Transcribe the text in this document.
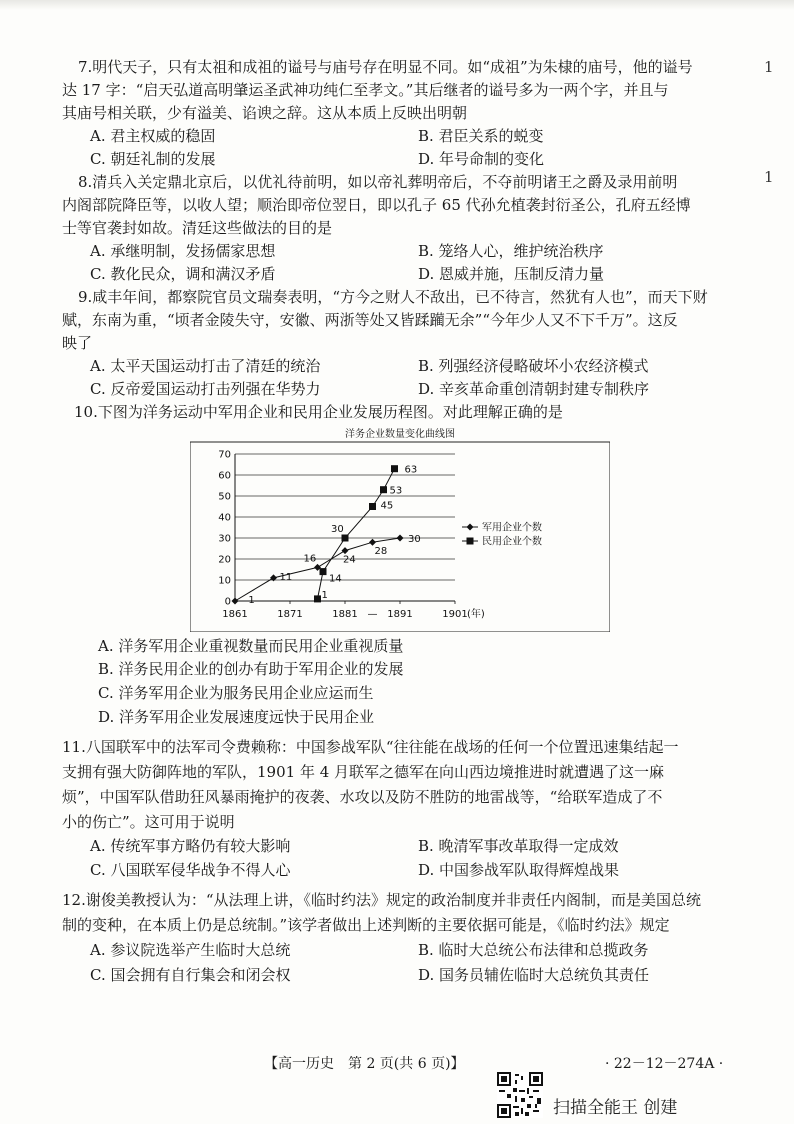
1
1
7.明代天子，只有太祖和成祖的谥号与庙号存在明显不同。如“成祖”为朱棣的庙号，他的谥号
达 17 字：“启天弘道高明肇运圣武神功纯仁至孝文。”其后继者的谥号多为一两个字，并且与
其庙号相关联，少有溢美、谄谀之辞。这从本质上反映出明朝
A. 君主权威的稳固	B. 君臣关系的蜕变
C. 朝廷礼制的发展	D. 年号命制的变化
8.清兵入关定鼎北京后，以优礼待前明，如以帝礼葬明帝后，不夺前明诸王之爵及录用前明
内阁部院降臣等，以收人望；顺治即帝位翌日，即以孔子 65 代孙允植袭封衍圣公，孔府五经博
士等官袭封如故。清廷这些做法的目的是
A. 承继明制，发扬儒家思想	B. 笼络人心，维护统治秩序
C. 教化民众，调和满汉矛盾	D. 恩威并施，压制反清力量
9.咸丰年间，都察院官员文瑞奏表明，“方今之财人不敌出，已不待言，然犹有人也”，而天下财
赋，东南为重，“顷者金陵失守，安徽、两浙等处又皆蹂躏无余”“今年少人又不下千万”。这反
映了
A. 太平天国运动打击了清廷的统治	B. 列强经济侵略破坏小农经济模式
C. 反帝爱国运动打击列强在华势力	D. 辛亥革命重创清朝封建专制秩序
10.下图为洋务运动中军用企业和民用企业发展历程图。对此理解正确的是
洋务企业数量变化曲线图
0
10
20
30
40
50
60
70
1861	1871	1881	1891	1901 (年)
1
—
11
16	24
28
30
1
14
30
45
53
63
军用企业个数
民用企业个数
A. 洋务军用企业重视数量而民用企业重视质量
B. 洋务民用企业的创办有助于军用企业的发展
C. 洋务军用企业为服务民用企业应运而生
D. 洋务军用企业发展速度远快于民用企业
11.八国联军中的法军司令费赖称：中国参战军队“往往能在战场的任何一个位置迅速集结起一
支拥有强大防御阵地的军队，1901 年 4 月联军之德军在向山西边境推进时就遭遇了这一麻
烦”，中国军队借助狂风暴雨掩护的夜袭、水攻以及防不胜防的地雷战等，“给联军造成了不
小的伤亡”。这可用于说明
A. 传统军事方略仍有较大影响	B. 晚清军事改革取得一定成效
C. 八国联军侵华战争不得人心	D. 中国参战军队取得辉煌战果
12.谢俊美教授认为：“从法理上讲，《临时约法》规定的政治制度并非责任内阁制，而是美国总统
制的变种，在本质上仍是总统制。”该学者做出上述判断的主要依据可能是，《临时约法》规定
A. 参议院选举产生临时大总统	B. 临时大总统公布法律和总揽政务
C. 国会拥有自行集会和闭会权	D. 国务员辅佐临时大总统负其责任
【高一历史　第 2 页(共 6 页)】	· 22－12－274A ·
扫描全能王 创建
